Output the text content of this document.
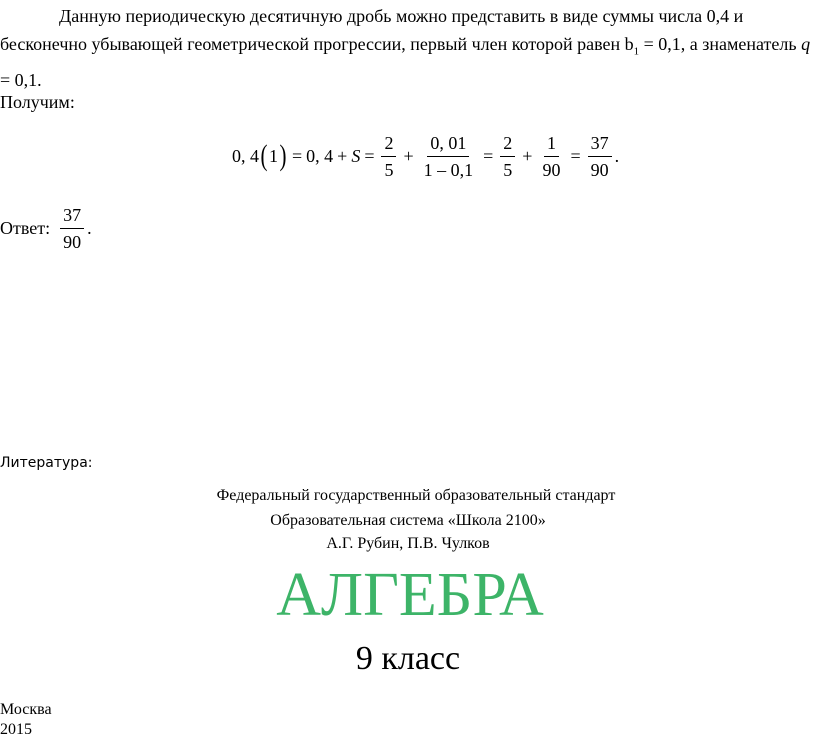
Данную периодическую десятичную дробь можно представить в виде суммы числа 0,4 и бесконечно убывающей геометрической прогрессии, первый член которой равен $b_1 = 0,1$, а знаменатель q = 0,1.
Получим:
0, 4 ( 1 ) = 0, $4 + S = \frac{2}{5} + \frac{0, 01}{1 - 0,1} = \frac{2}{5} + \frac{1}{90} = \frac{37}{90}$ .
Ответ: $\frac{37}{90}$ .
Литература:
Федеральный государственный образовательный стандарт
Образовательная система «Школа 2100»
А.Г. Рубин, П.В. Чулков
АЛГЕБРА
9 класс
Москва
2015
